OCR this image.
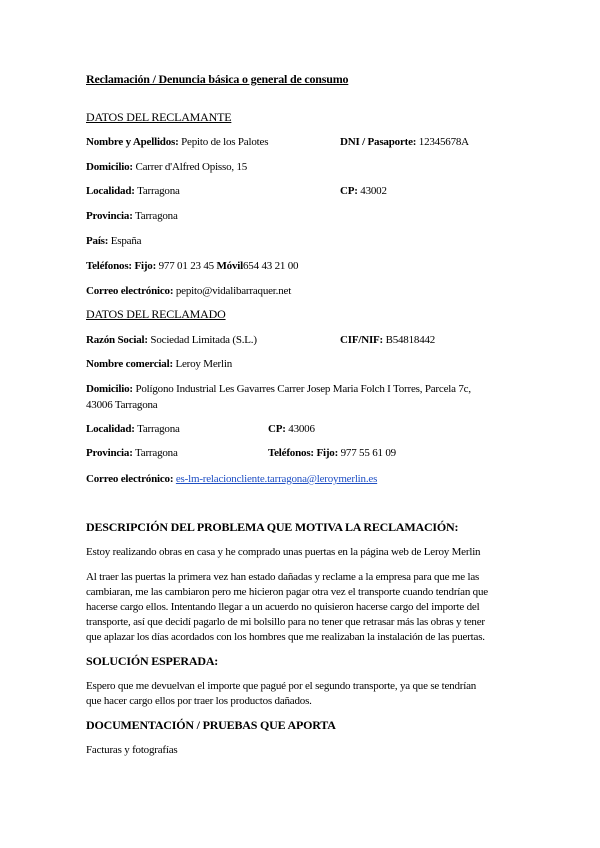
Reclamación / Denuncia básica o general de consumo
DATOS DEL RECLAMANTE
Nombre y Apellidos: Pepito de los Palotes	DNI / Pasaporte: 12345678A
Domicilio: Carrer d'Alfred Opisso, 15
Localidad: Tarragona	CP: 43002
Provincia: Tarragona
País: España
Teléfonos: Fijo: 977 01 23 45 Móvil654 43 21 00
Correo electrónico: pepito@vidalibarraquer.net
DATOS DEL RECLAMADO
Razón Social: Sociedad Limitada (S.L.)	CIF/NIF: B54818442
Nombre comercial: Leroy Merlin
Domicilio: Polígono Industrial Les Gavarres Carrer Josep Maria Folch I Torres, Parcela 7c,
43006 Tarragona
Localidad: Tarragona	CP: 43006
Provincia: Tarragona	Teléfonos: Fijo: 977 55 61 09
Correo electrónico: es-lm-relacioncliente.tarragona@leroymerlin.es
DESCRIPCIÓN DEL PROBLEMA QUE MOTIVA LA RECLAMACIÓN:
Estoy realizando obras en casa y he comprado unas puertas en la página web de Leroy Merlin
Al traer las puertas la primera vez han estado dañadas y reclame a la empresa para que me las
cambiaran, me las cambiaron pero me hicieron pagar otra vez el transporte cuando tendrían que
hacerse cargo ellos. Intentando llegar a un acuerdo no quisieron hacerse cargo del importe del
transporte, así que decidí pagarlo de mi bolsillo para no tener que retrasar más las obras y tener
que aplazar los días acordados con los hombres que me realizaban la instalación de las puertas.
SOLUCIÓN ESPERADA:
Espero que me devuelvan el importe que pagué por el segundo transporte, ya que se tendrían
que hacer cargo ellos por traer los productos dañados.
DOCUMENTACIÓN / PRUEBAS QUE APORTA
Facturas y fotografías
